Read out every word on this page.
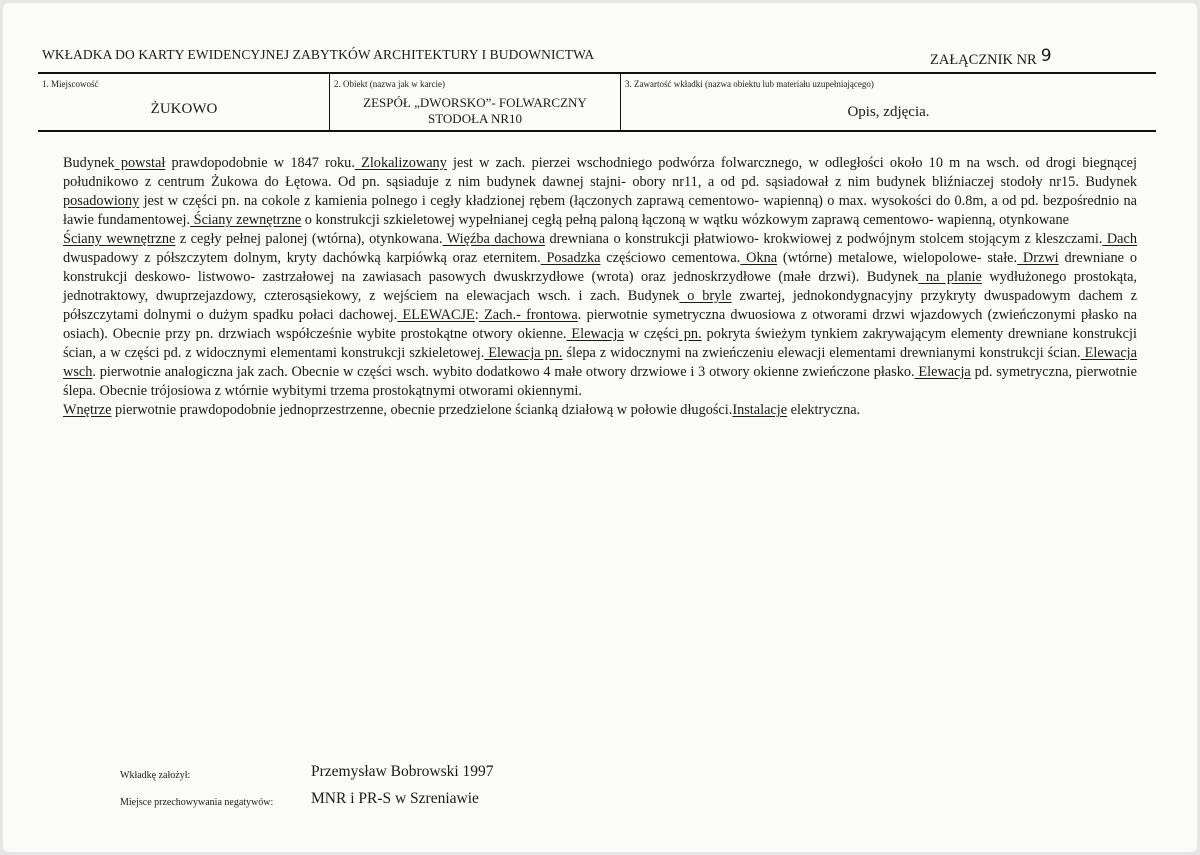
WKŁADKA DO KARTY EWIDENCYJNEJ ZABYTKÓW ARCHITEKTURY I BUDOWNICTWA	ZAŁĄCZNIK NR 9
1. Miejscowość
ŻUKOWO
2. Obiekt (nazwa jak w karcie)
ZESPÓŁ „DWORSKO”- FOLWARCZNY
STODOŁA NR10
3. Zawartość wkładki (nazwa obiektu lub materiału uzupełniającego)
Opis, zdjęcia.

Budynek powstał prawdopodobnie w 1847 roku. Zlokalizowany jest w zach. pierzei wschodniego podwórza folwarcznego, w odległości około 10 m na wsch. od drogi biegnącej południkowo z centrum Żukowa do Łętowa. Od pn. sąsiaduje z nim budynek dawnej stajni- obory nr11, a od pd. sąsiadował z nim budynek bliźniaczej stodoły nr15. Budynek posadowiony jest w części pn. na cokole z kamienia polnego i cegły kładzionej rębem (łączonych zaprawą cementowo- wapienną) o max. wysokości do 0.8m, a od pd. bezpośrednio na ławie fundamentowej. Ściany zewnętrzne o konstrukcji szkieletowej wypełnianej cegłą pełną paloną łączoną w wątku wózkowym zaprawą cementowo- wapienną, otynkowane

Ściany wewnętrzne z cegły pełnej palonej (wtórna), otynkowana. Więźba dachowa drewniana o konstrukcji płatwiowo- krokwiowej z podwójnym stolcem stojącym z kleszczami. Dach dwuspadowy z półszczytem dolnym, kryty dachówką karpiówką oraz eternitem. Posadzka częściowo cementowa. Okna (wtórne) metalowe, wielopolowe- stałe. Drzwi drewniane o konstrukcji deskowo- listwowo- zastrzałowej na zawiasach pasowych dwuskrzydłowe (wrota) oraz jednoskrzydłowe (małe drzwi). Budynek na planie wydłużonego prostokąta, jednotraktowy, dwuprzejazdowy, czterosąsiekowy, z wejściem na elewacjach wsch. i zach. Budynek o bryle zwartej, jednokondygnacyjny przykryty dwuspadowym dachem z półszczytami dolnymi o dużym spadku połaci dachowej. ELEWACJE: Zach.- frontowa. pierwotnie symetryczna dwuosiowa z otworami drzwi wjazdowych (zwieńczonymi płasko na osiach). Obecnie przy pn. drzwiach współcześnie wybite prostokątne otwory okienne. Elewacja w części pn. pokryta świeżym tynkiem zakrywającym elementy drewniane konstrukcji ścian, a w części pd. z widocznymi elementami konstrukcji szkieletowej. Elewacja pn. ślepa z widocznymi na zwieńczeniu elewacji elementami drewnianymi konstrukcji ścian. Elewacja wsch. pierwotnie analogiczna jak zach. Obecnie w części wsch. wybito dodatkowo 4 małe otwory drzwiowe i 3 otwory okienne zwieńczone płasko. Elewacja pd. symetryczna, pierwotnie ślepa. Obecnie trójosiowa z wtórnie wybitymi trzema prostokątnymi otworami okiennymi.

Wnętrze pierwotnie prawdopodobnie jednoprzestrzenne, obecnie przedzielone ścianką działową w połowie długości.Instalacje elektryczna.

Wkładkę założył:	Przemysław Bobrowski 1997
Miejsce przechowywania negatywów: MNR i PR-S w Szreniawie
